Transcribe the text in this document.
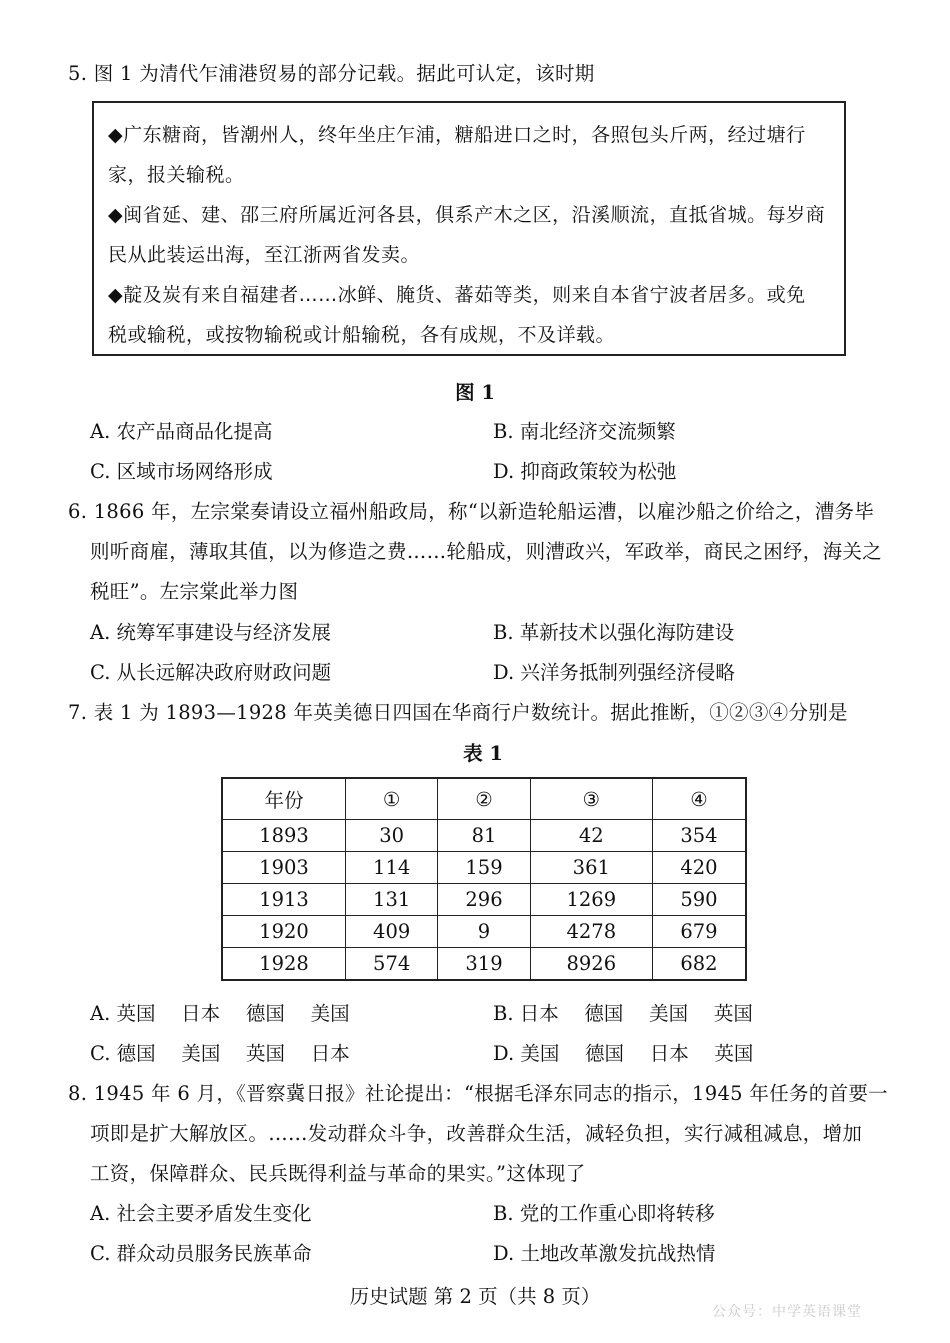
5. 图 1 为清代乍浦港贸易的部分记载。据此可认定，该时期
◆广东糖商，皆潮州人，终年坐庄乍浦，糖船进口之时，各照包头斤两，经过塘行
家，报关输税。
◆闽省延、建、邵三府所属近河各县，俱系产木之区，沿溪顺流，直抵省城。每岁商
民从此装运出海，至江浙两省发卖。
◆靛及炭有来自福建者……冰鲜、腌货、蕃茹等类，则来自本省宁波者居多。或免
税或输税，或按物输税或计船输税，各有成规，不及详载。
图 1
A. 农产品商品化提高	B. 南北经济交流频繁
C. 区域市场网络形成	D. 抑商政策较为松弛
6. 1866 年，左宗棠奏请设立福州船政局，称“以新造轮船运漕，以雇沙船之价给之，漕务毕
则听商雇，薄取其值，以为修造之费……轮船成，则漕政兴，军政举，商民之困纾，海关之
税旺”。左宗棠此举力图
A. 统筹军事建设与经济发展	B. 革新技术以强化海防建设
C. 从长远解决政府财政问题	D. 兴洋务抵制列强经济侵略
7. 表 1 为 1893—1928 年英美德日四国在华商行户数统计。据此推断，①②③④分别是
表 1
年份	①	②	③	④
1893	30	81	42	354
1903	114	159	361	420
1913	131	296	1269	590
1920	409	9	4278	679
1928	574	319	8926	682
A. 英国　 日本　 德国　 美国	B. 日本　 德国　 美国　 英国
C. 德国　 美国　 英国　 日本	D. 美国　 德国　 日本　 英国
8. 1945 年 6 月，《晋察冀日报》社论提出：“根据毛泽东同志的指示，1945 年任务的首要一
项即是扩大解放区。……发动群众斗争，改善群众生活，减轻负担，实行减租减息，增加
工资，保障群众、民兵既得利益与革命的果实。”这体现了
A. 社会主要矛盾发生变化	B. 党的工作重心即将转移
C. 群众动员服务民族革命	D. 土地改革激发抗战热情
历史试题 第 2 页（共 8 页）
公众号：中学英语课堂
